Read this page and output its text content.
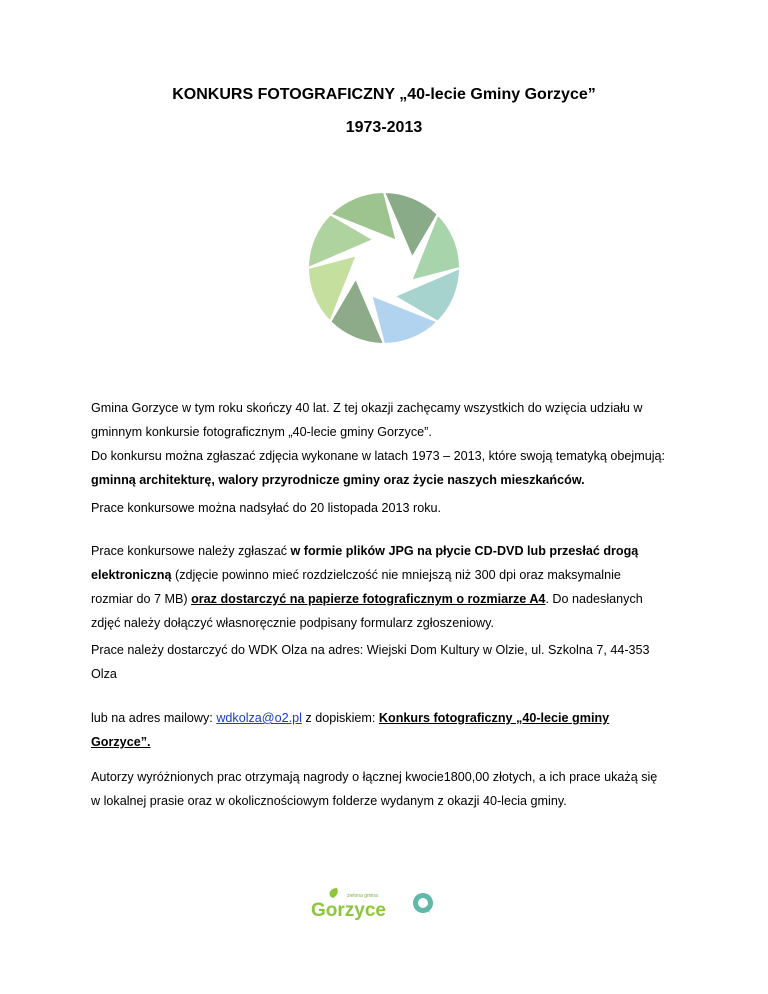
KONKURS FOTOGRAFICZNY „40-lecie Gminy Gorzyce”
1973-2013
Gmina Gorzyce w tym roku skończy 40 lat. Z tej okazji zachęcamy wszystkich do wzięcia udziału w
gminnym konkursie fotograficznym „40-lecie gminy Gorzyce”.
Do konkursu można zgłaszać zdjęcia wykonane w latach 1973 – 2013, które swoją tematyką obejmują:
gminną architekturę, walory przyrodnicze gminy oraz życie naszych mieszkańców.
Prace konkursowe można nadsyłać do 20 listopada 2013 roku.
Prace konkursowe należy zgłaszać w formie plików JPG na płycie CD-DVD lub przesłać drogą
elektroniczną (zdjęcie powinno mieć rozdzielczość nie mniejszą niż 300 dpi oraz maksymalnie
rozmiar do 7 MB) oraz dostarczyć na papierze fotograficznym o rozmiarze A4. Do nadesłanych
zdjęć należy dołączyć własnoręcznie podpisany formularz zgłoszeniowy.
Prace należy dostarczyć do WDK Olza na adres: Wiejski Dom Kultury w Olzie, ul. Szkolna 7, 44-353
Olza
lub na adres mailowy: wdkolza@o2.pl z dopiskiem: Konkurs fotograficzny „40-lecie gminy
Gorzyce”.
Autorzy wyróżnionych prac otrzymają nagrody o łącznej kwocie1800,00 złotych, a ich prace ukażą się
w lokalnej prasie oraz w okolicznościowym folderze wydanym z okazji 40-lecia gminy.
zielona gmina
Gorzyce
